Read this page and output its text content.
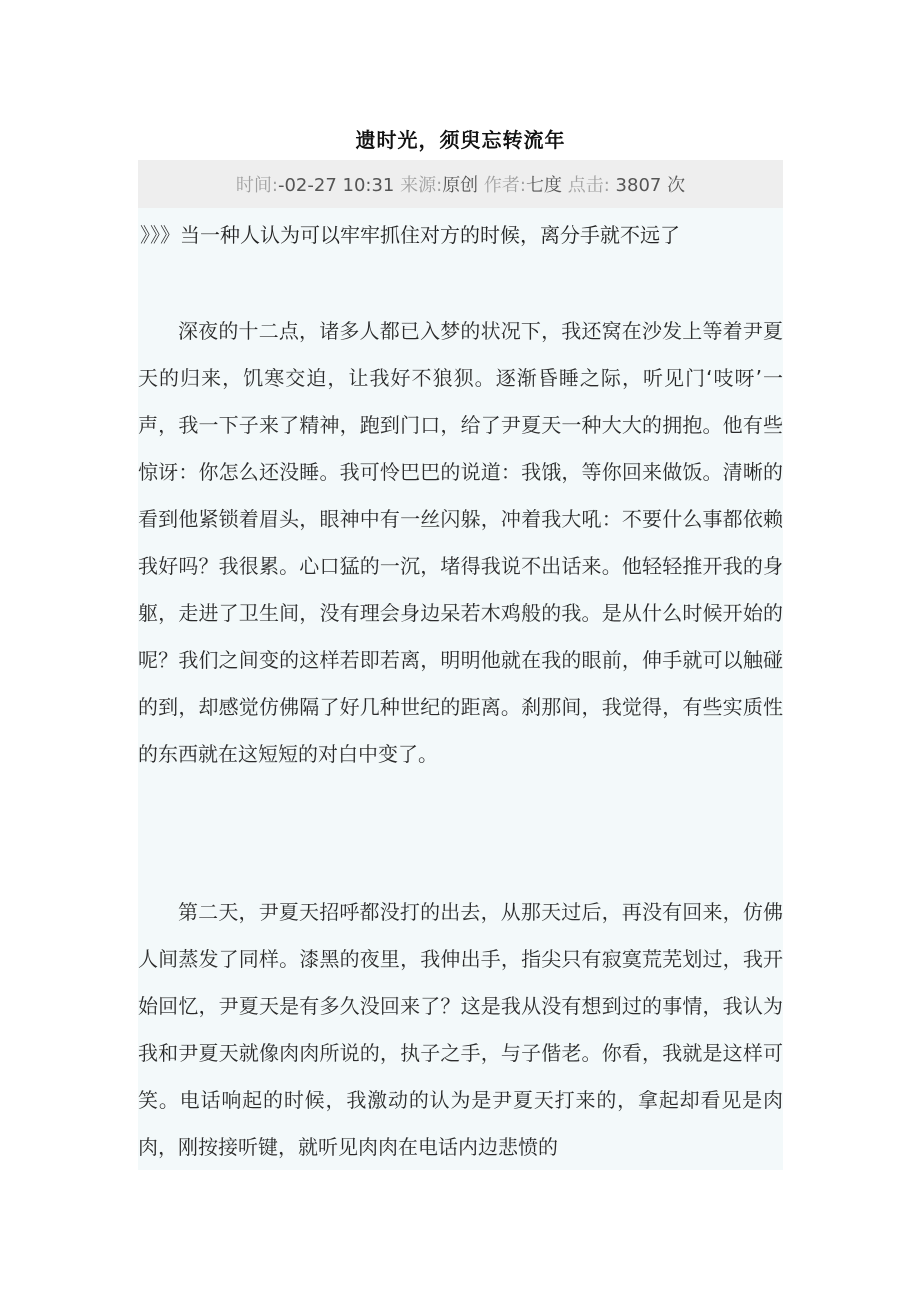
遗时光，须臾忘转流年
时间:-02-27 10:31 来源:原创 作者:七度 点击: 3807 次
》》》当一种人认为可以牢牢抓住对方的时候，离分手就不远了

深夜的十二点，诸多人都已入梦的状况下，我还窝在沙发上等着尹夏天的归来，饥寒交迫，让我好不狼狈。逐渐昏睡之际，听见门‘吱呀’一声，我一下子来了精神，跑到门口，给了尹夏天一种大大的拥抱。他有些惊讶：你怎么还没睡。我可怜巴巴的说道：我饿，等你回来做饭。清晰的看到他紧锁着眉头，眼神中有一丝闪躲，冲着我大吼：不要什么事都依赖我好吗？我很累。心口猛的一沉，堵得我说不出话来。他轻轻推开我的身躯，走进了卫生间，没有理会身边呆若木鸡般的我。是从什么时候开始的呢？我们之间变的这样若即若离，明明他就在我的眼前，伸手就可以触碰的到，却感觉仿佛隔了好几种世纪的距离。刹那间，我觉得，有些实质性的东西就在这短短的对白中变了。

第二天，尹夏天招呼都没打的出去，从那天过后，再没有回来，仿佛人间蒸发了同样。漆黑的夜里，我伸出手，指尖只有寂寞荒芜划过，我开始回忆，尹夏天是有多久没回来了？这是我从没有想到过的事情，我认为我和尹夏天就像肉肉所说的，执子之手，与子偕老。你看，我就是这样可笑。电话响起的时候，我激动的认为是尹夏天打来的，拿起却看见是肉肉，刚按接听键，就听见肉肉在电话内边悲愤的
